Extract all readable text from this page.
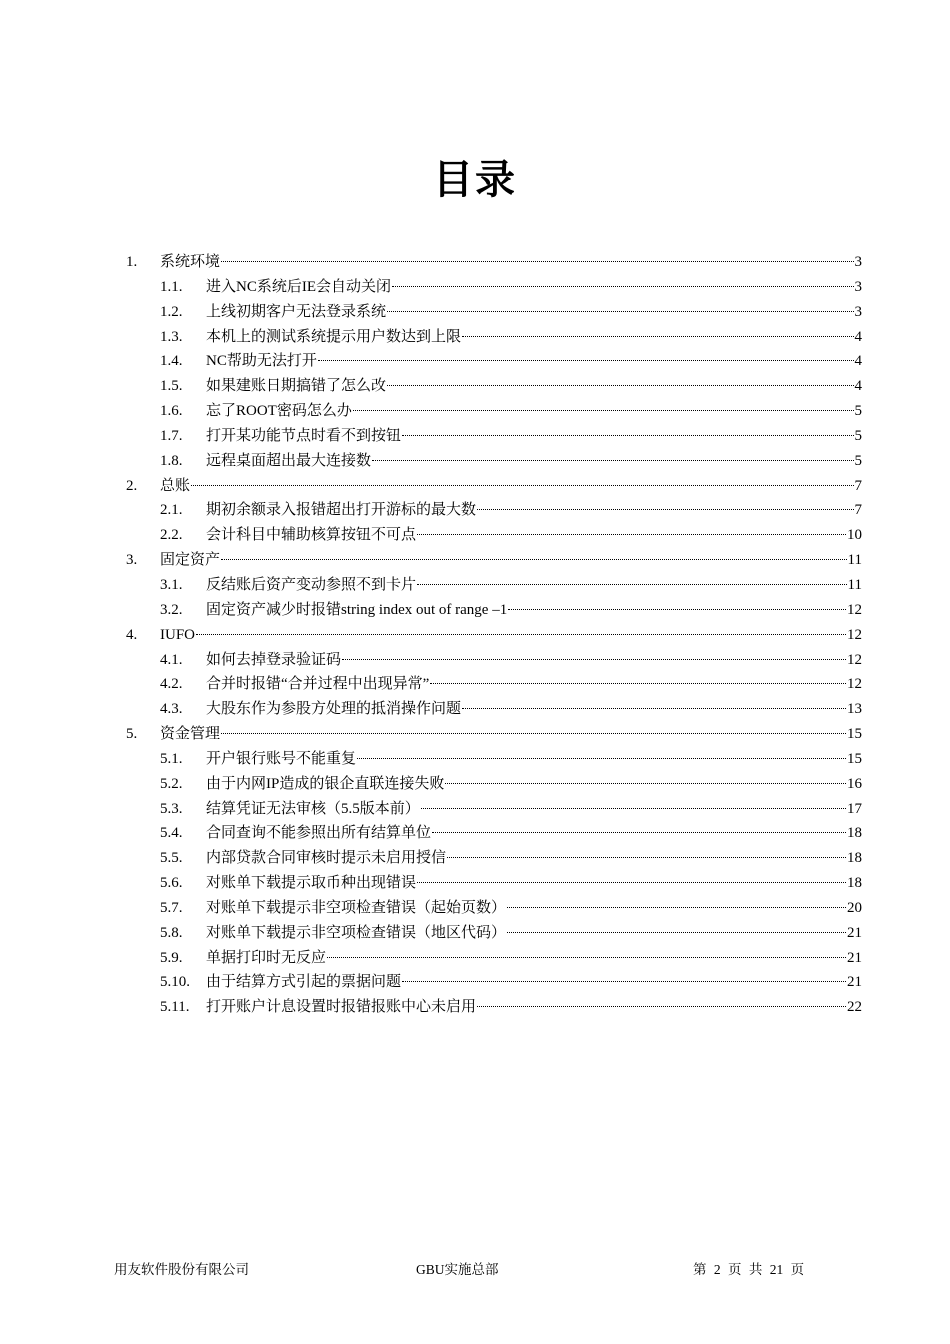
目录
1.	系统环境	3
1.1.	进入NC系统后IE会自动关闭	3
1.2.	上线初期客户无法登录系统	3
1.3.	本机上的测试系统提示用户数达到上限	4
1.4.	NC帮助无法打开	4
1.5.	如果建账日期搞错了怎么改	4
1.6.	忘了ROOT密码怎么办	5
1.7.	打开某功能节点时看不到按钮	5
1.8.	远程桌面超出最大连接数	5
2.	总账	7
2.1.	期初余额录入报错超出打开游标的最大数	7
2.2.	会计科目中辅助核算按钮不可点	10
3.	固定资产	11
3.1.	反结账后资产变动参照不到卡片	11
3.2.	固定资产减少时报错string index out of range –1	12
4.	IUFO	12
4.1.	如何去掉登录验证码	12
4.2.	合并时报错“合并过程中出现异常”	12
4.3.	大股东作为参股方处理的抵消操作问题	13
5.	资金管理	15
5.1.	开户银行账号不能重复	15
5.2.	由于内网IP造成的银企直联连接失败	16
5.3.	结算凭证无法审核（5.5版本前）	17
5.4.	合同查询不能参照出所有结算单位	18
5.5.	内部贷款合同审核时提示未启用授信	18
5.6.	对账单下载提示取币种出现错误	18
5.7.	对账单下载提示非空项检查错误（起始页数）	20
5.8.	对账单下载提示非空项检查错误（地区代码）	21
5.9.	单据打印时无反应	21
5.10.	由于结算方式引起的票据问题	21
5.11.	打开账户计息设置时报错报账中心未启用	22
用友软件股份有限公司	GBU实施总部	第 2 页 共 21 页
